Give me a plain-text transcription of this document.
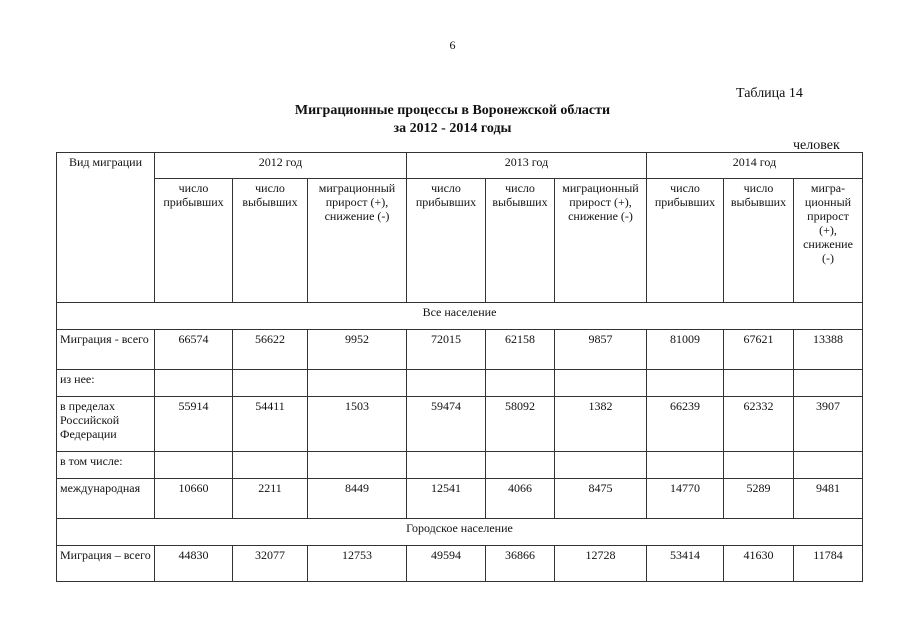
6
Таблица 14
Миграционные процессы в Воронежской области
за 2012 - 2014 годы
человек
Вид миграции	2012 год			2013 год			2014 год		
	число прибывших	число выбывших	миграционный прирост (+), снижение (-)	число прибывших	число выбывших	миграционный прирост (+), снижение (-)	число прибывших	число выбывших	мигра- ционный прирост (+), снижение (-)
Все население									
Миграция - всего	66574	56622	9952	72015	62158	9857	81009	67621	13388
из нее:									
в пределах Российской Федерации	55914	54411	1503	59474	58092	1382	66239	62332	3907
в том числе:									
международная	10660	2211	8449	12541	4066	8475	14770	5289	9481
Городское население									
Миграция – всего	44830	32077	12753	49594	36866	12728	53414	41630	11784
